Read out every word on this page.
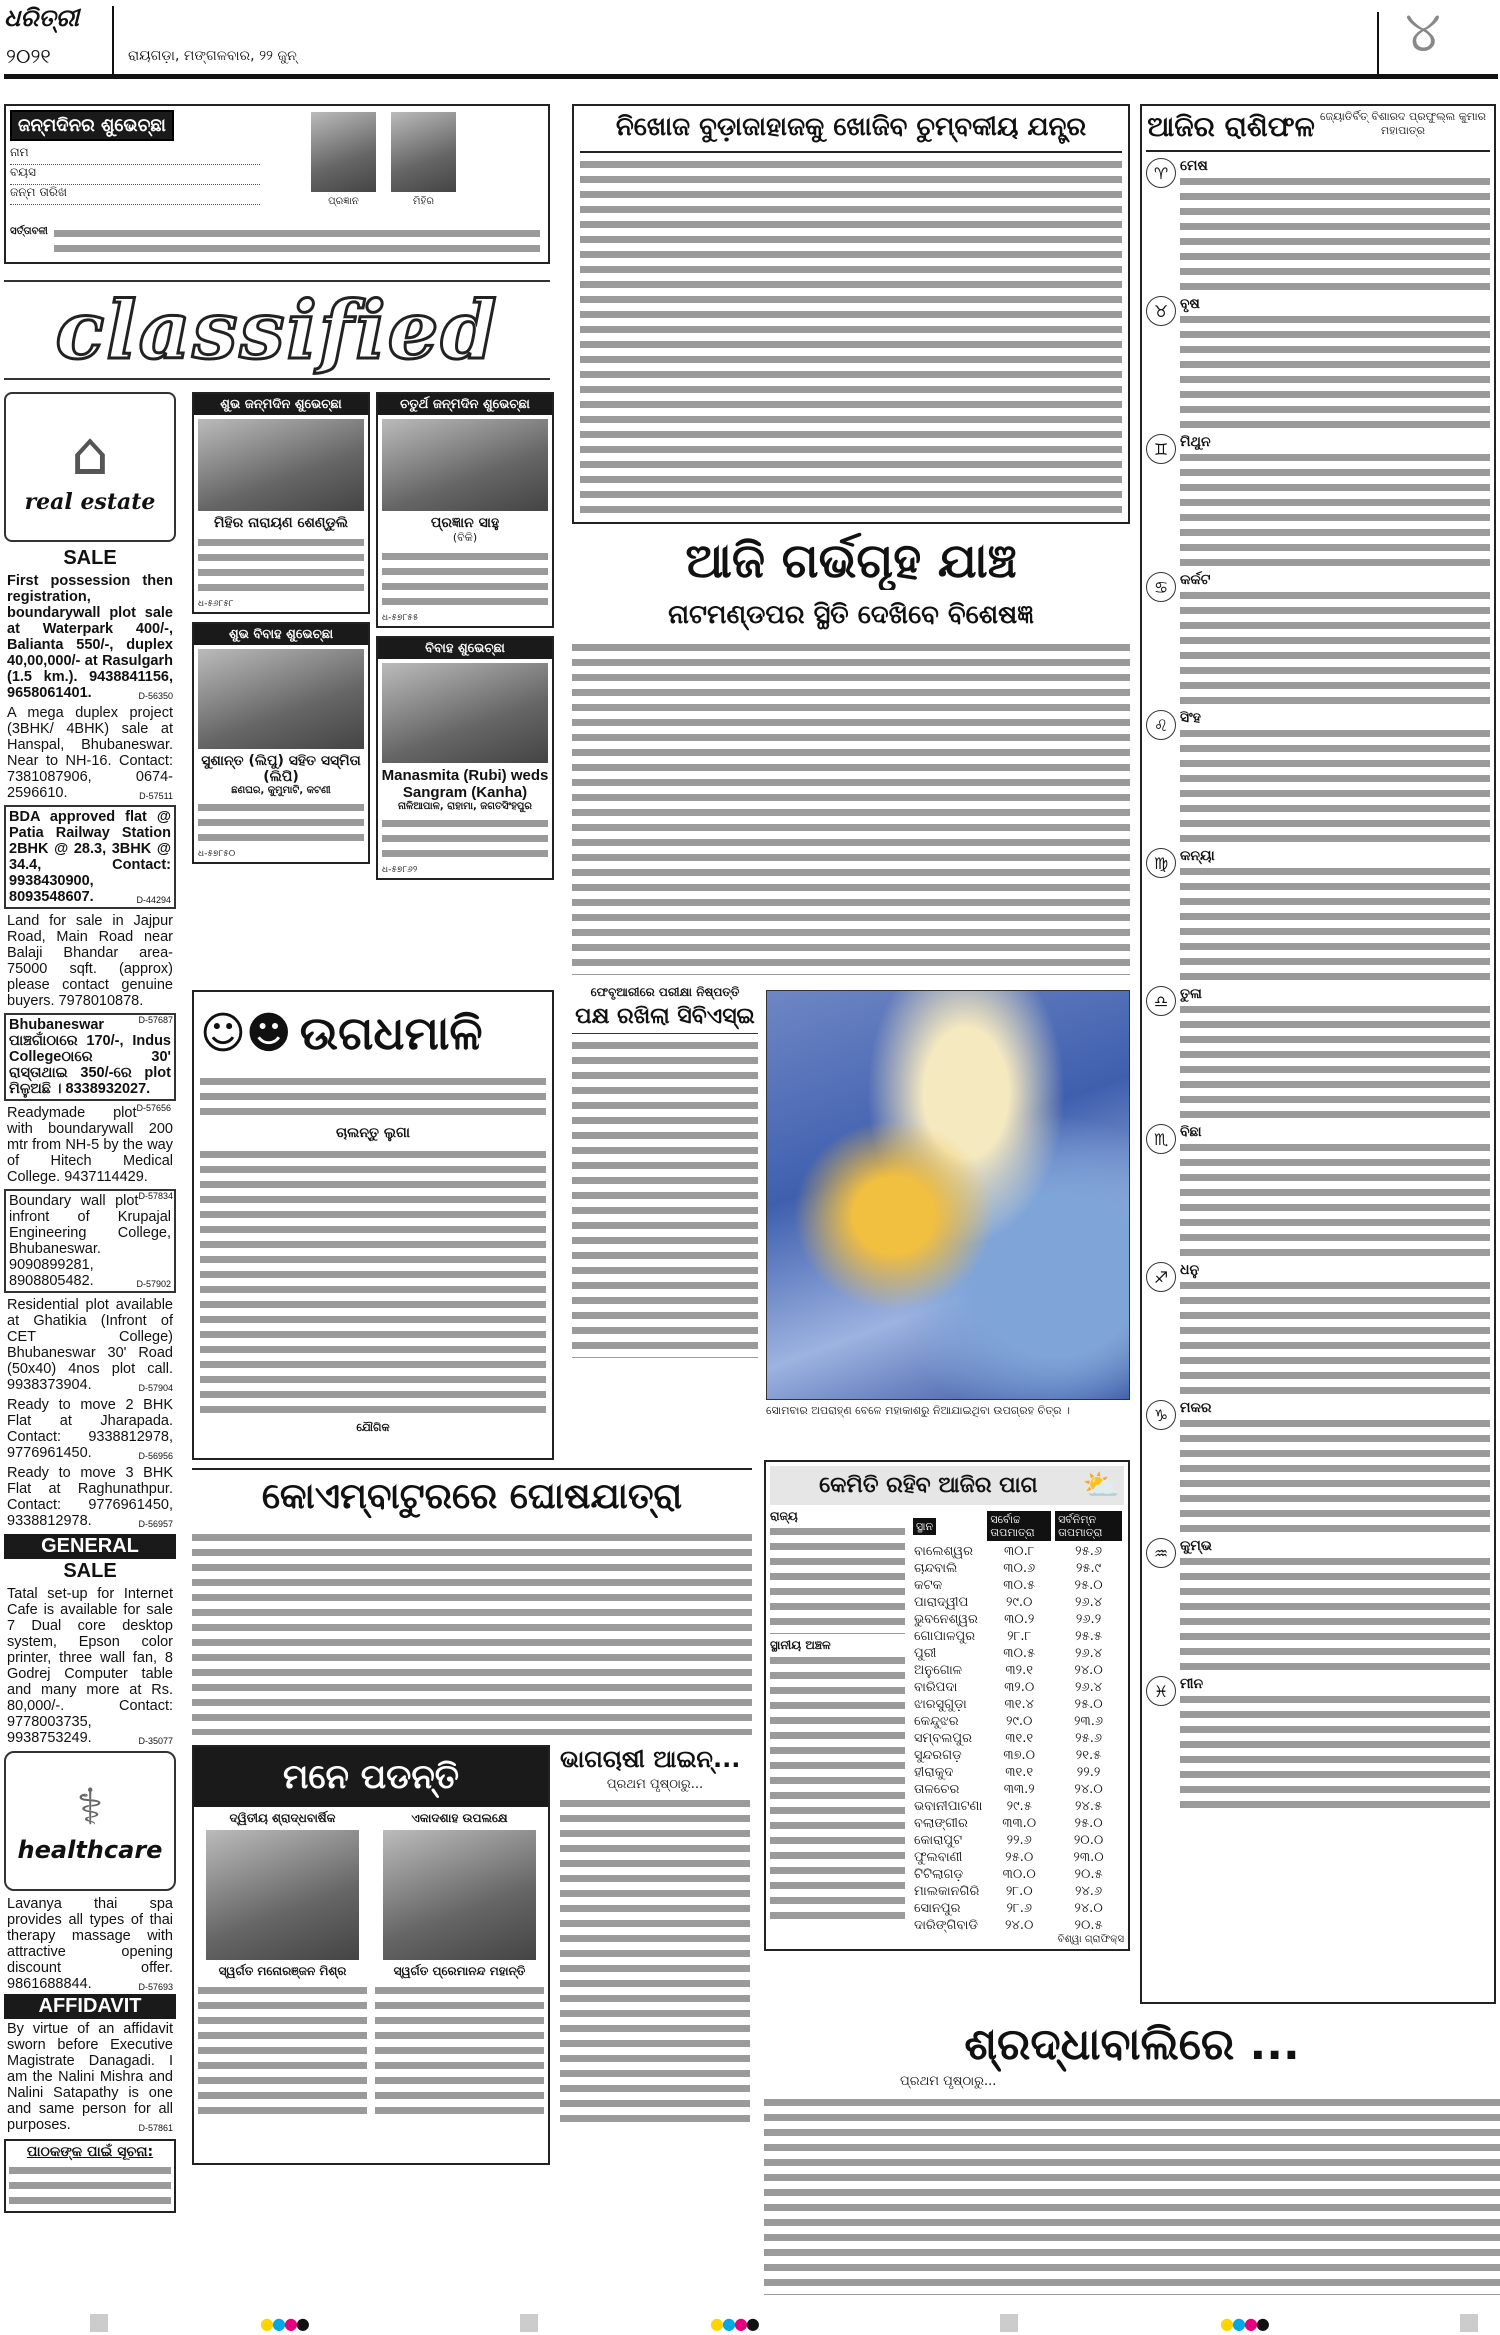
ଧରିତ୍ରୀ
୨୦୨୧	ରାୟଗଡ଼ା, ମଙ୍ଗଳବାର, ୨୨ ଜୁନ୍	୪
ଜନ୍ମଦିନର ଶୁଭେଚ୍ଛା
ନାମ
ବୟସ
ଜନ୍ମ ତାରିଖ
ପ୍ରଜ୍ଞାନ	ମିହିର
ସର୍ତ୍ତାବଳୀ
classified
⌂
real estate
SALE
First possession then registration, boundarywall plot sale at Waterpark 400/-, Balianta 550/-, duplex 40,00,000/- at Rasulgarh (1.5 km.). 9438841156, 9658061401.	D-56350
A mega duplex project (3BHK/ 4BHK) sale at Hanspal, Bhubaneswar. Near to NH-16. Contact: 7381087906, 0674-2596610.	D-57511
BDA approved flat @ Patia Railway Station 2BHK @ 28.3, 3BHK @ 34.4, Contact: 9938430900, 8093548607.	D-44294
Land for sale in Jajpur Road, Main Road near Balaji Bhandar area-75000 sqft. (approx) please contact genuine buyers. 7978010878.
D-57687
Bhubaneswar ପାଞ୍ଚଗାଁଠାରେ 170/-, Indus Collegeଠାରେ 30' ରାସ୍ତାଥାଇ 350/-ରେ plot ମିଳୁଅଛି । 8338932027.
D-57656
Readymade plot with boundarywall 200 mtr from NH-5 by the way of Hitech Medical College. 9437114429.
D-57834
Boundary wall plot infront of Krupajal Engineering College, Bhubaneswar. 9090899281, 8908805482.	D-57902
Residential plot available at Ghatikia (Infront of CET College) Bhubaneswar 30' Road (50x40) 4nos plot call. 9938373904.	D-57904
Ready to move 2 BHK Flat at Jharapada. Contact: 9338812978, 9776961450.	D-56956
Ready to move 3 BHK Flat at Raghunathpur. Contact: 9776961450, 9338812978.	D-56957
GENERAL
SALE
Tatal set-up for Internet Cafe is available for sale 7 Dual core desktop system, Epson color printer, three wall fan, 8 Godrej Computer table and many more at Rs. 80,000/-. Contact: 9778003735, 9938753249.	D-35077
⚕
healthcare
Lavanya thai spa provides all types of thai therapy massage with attractive opening discount offer. 9861688844.	D-57693
AFFIDAVIT
By virtue of an affidavit sworn before Executive Magistrate Danagadi. I am the Nalini Mishra and Nalini Satapathy is one and same person for all purposes.	D-57861
ପାଠକଙ୍କ ପାଇଁ ସୂଚନା:
ଶୁଭ ଜନ୍ମଦିନ ଶୁଭେଚ୍ଛା
ମିହିର ନାରାୟଣ ଶେଣ୍ଡୁଲି
ଧ-୫୬୮୫୮
ଶୁଭ ବିବାହ ଶୁଭେଚ୍ଛା
ସୁଶାନ୍ତ (ଲିପୁ) ସହିତ ସସ୍ମିତା (ଲିପି)
ଛଣଘର, କୁମୁମାଟି, କଟଣୀ
ଧ-୫୭୮୫୦
ଚତୁର୍ଥ ଜନ୍ମଦିନ ଶୁଭେଚ୍ଛା
ପ୍ରଜ୍ଞାନ ସାହୁ
(ବିକି)
ଧ-୫୭୮୫୫
ବିବାହ ଶୁଭେଚ୍ଛା
Manasmita (Rubi) weds Sangram (Kanha)
ନାଳିଆପାଳ, ରାହାମା, ଜଗତସିଂହପୁର
ଧ-୫୭୮୬୨
☺☻ ଉଗଧମାଳି
ଚାଲନ୍ତୁ ଲୁଗା
ଯୌଗିକ
ନିଖୋଜ ବୁଡ଼ାଜାହାଜକୁ ଖୋଜିବ ଚୁମ୍ବକୀୟ ଯନ୍ତ୍ର
ଆଜି ଗର୍ଭଗୃହ ଯାଞ୍ଚ
ନାଟମଣ୍ଡପର ସ୍ଥିତି ଦେଖିବେ ବିଶେଷଜ୍ଞ
ଫେବୃଆରୀରେ ପରୀକ୍ଷା ନିଷ୍ପତ୍ତି
ପକ୍ଷ ରଖିଲା ସିବିଏସ୍‌ଇ
ସୋମବାର ଅପରାହ୍ଣ ବେଳେ ମହାକାଶରୁ ନିଆଯାଇଥିବା ଉପଗ୍ରହ ଚିତ୍ର ।
କୋଏମ୍ବାଟୁରରେ ଘୋଷଯାତ୍ରା
ମନେ ପଡନ୍ତି
ଦ୍ୱିତୀୟ ଶ୍ରାଦ୍ଧବାର୍ଷିକ
ସ୍ୱର୍ଗତ ମନୋରଞ୍ଜନ ମିଶ୍ର
ଏକାଦଶାହ ଉପଲକ୍ଷେ
ସ୍ୱର୍ଗତ ପ୍ରେମାନନ୍ଦ ମହାନ୍ତି
ଭାଗଚାଷୀ ଆଇନ୍‌...
ପ୍ରଥମ ପୃଷ୍ଠାରୁ...
କେମିତି ରହିବ ଆଜିର ପାଗ	⛅
ରାଜ୍ୟ
ସ୍ଥାନୀୟ ଅଞ୍ଚଳ
ସ୍ଥାନ	ସର୍ବୋଚ୍ଚ ତାପମାତ୍ରା	ସର୍ବନିମ୍ନ ତାପମାତ୍ରା
ବାଲେଶ୍ୱର	୩୦.୮	୨୫.୬
ଚାନ୍ଦବାଲି	୩୦.୬	୨୫.୯
କଟକ	୩୦.୫	୨୫.୦
ପାରାଦ୍ୱୀପ	୨୯.୦	୨୬.୪
ଭୁବନେଶ୍ୱର	୩୦.୨	୨୬.୨
ଗୋପାଳପୁର	୨୮.୮	୨୫.୫
ପୁରୀ	୩୦.୫	୨୬.୪
ଅନୁଗୋଳ	୩୨.୧	୨୪.୦
ବାରିପଦା	୩୨.୦	୨୬.୪
ଝାରସୁଗୁଡ଼ା	୩୧.୪	୨୫.୦
କେନ୍ଦୁଝର	୨୯.୦	୨୩.୬
ସମ୍ବଲପୁର	୩୧.୧	୨୫.୬
ସୁନ୍ଦରଗଡ଼	୩୭.୦	୨୧.୫
ହୀରାକୁଦ	୩୧.୧	୨୨.୨
ତାଳଚେର	୩୩.୨	୨୪.୦
ଭବାନୀପାଟଣା	୨୯.୫	୨୪.୫
ବଲାଙ୍ଗୀର	୩୩.୦	୨୫.୦
କୋରାପୁଟ	୨୨.୬	୨୦.୦
ଫୁଲବାଣୀ	୨୫.୦	୨୩.୦
ଟିଟିଲାଗଡ଼	୩୦.୦	୨୦.୫
ମାଲକାନଗିରି	୨୮.୦	୨୪.୬
ସୋନପୁର	୨୮.୬	୨୪.୦
ଦାରିଙ୍ଗିବାଡି	୨୪.୦	୨୦.୫
ବିଶ୍ୱା ଗ୍ରାଫିକ୍ସ
ଆଜିର ରାଶିଫଳ ଜ୍ୟୋତିର୍ବିତ୍ ବିଶାରଦ ପ୍ରଫୁଲ୍ଲ କୁମାର ମହାପାତ୍ର
♈ ମେଷ
♉ ବୃଷ
♊ ମିଥୁନ
♋ କର୍କଟ
♌ ସିଂହ
♍ କନ୍ୟା
♎ ତୁଳା
♏ ବିଛା
♐ ଧନୁ
♑ ମକର
♒ କୁମ୍ଭ
♓ ମୀନ
ଶ୍ରଦ୍ଧାବାଲିରେ ...
ପ୍ରଥମ ପୃଷ୍ଠାରୁ...
●●●●	●●●●	●●●●
